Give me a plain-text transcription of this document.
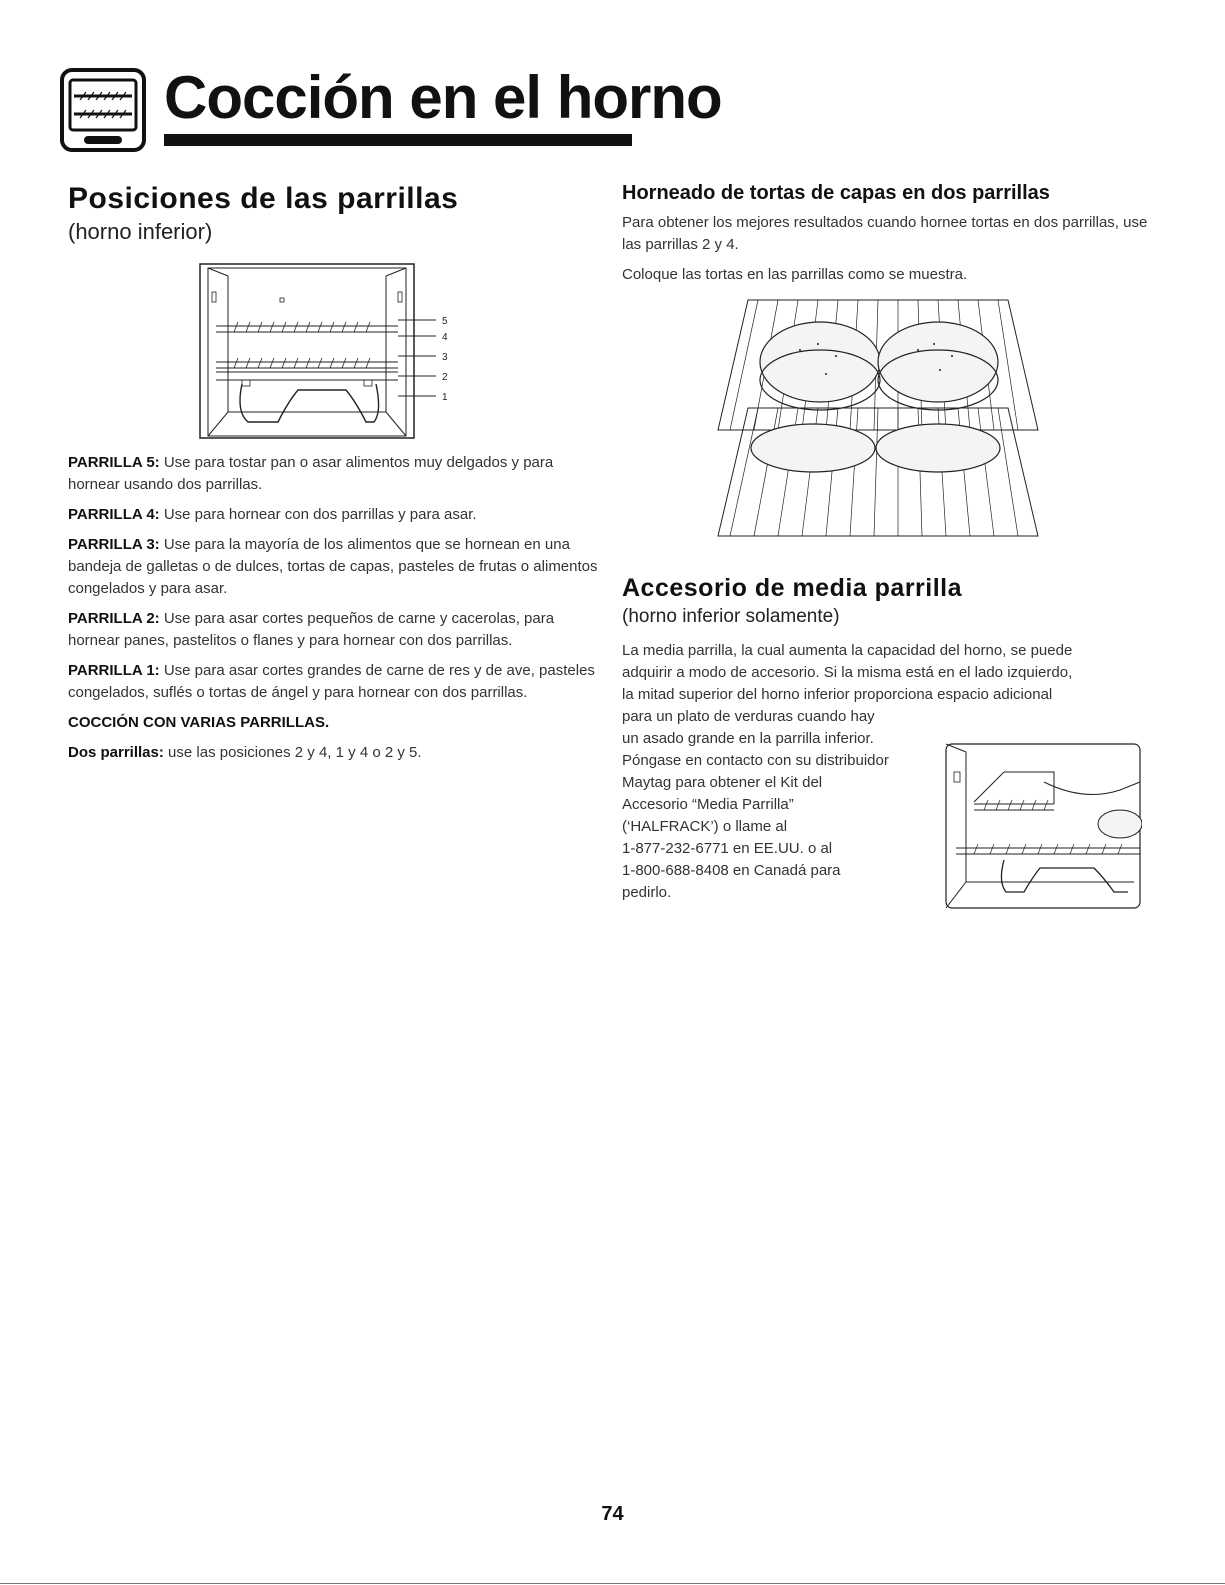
Cocción en el horno
Posiciones de las parrillas

(horno inferior)

5
4
3
2
1

PARRILLA 5: Use para tostar pan o asar alimentos muy delgados y para hornear usando dos parrillas.

PARRILLA 4: Use para hornear con dos parrillas y para asar.

PARRILLA 3: Use para la mayoría de los alimentos que se hornean en una bandeja de galletas o de dulces, tortas de capas, pasteles de frutas o alimentos congelados y para asar.

PARRILLA 2: Use para asar cortes pequeños de carne y cacerolas, para hornear panes, pastelitos o flanes y para hornear con dos parrillas.

PARRILLA 1: Use para asar cortes grandes de carne de res y de ave, pasteles congelados, suflés o tortas de ángel y para hornear con dos parrillas.

COCCIÓN CON VARIAS PARRILLAS.

Dos parrillas: use las posiciones 2 y 4, 1 y 4 o 2 y 5.

Horneado de tortas de capas en dos parrillas

Para obtener los mejores resultados cuando hornee tortas en dos parrillas, use las parrillas 2 y 4.

Coloque las tortas en las parrillas como se muestra.

Accesorio de media parrilla

(horno inferior solamente)

La media parrilla, la cual aumenta la capacidad del horno, se puede
adquirir a modo de accesorio. Si la misma está en el lado izquierdo,
la mitad superior del horno inferior proporciona espacio adicional
para un plato de verduras cuando hay
un asado grande en la parrilla inferior.
Póngase en contacto con su distribuidor
Maytag para obtener el Kit del
Accesorio “Media Parrilla”
(‘HALFRACK’) o llame al
1-877-232-6771 en EE.UU. o al
1-800-688-8408 en Canadá para
pedirlo.
74
